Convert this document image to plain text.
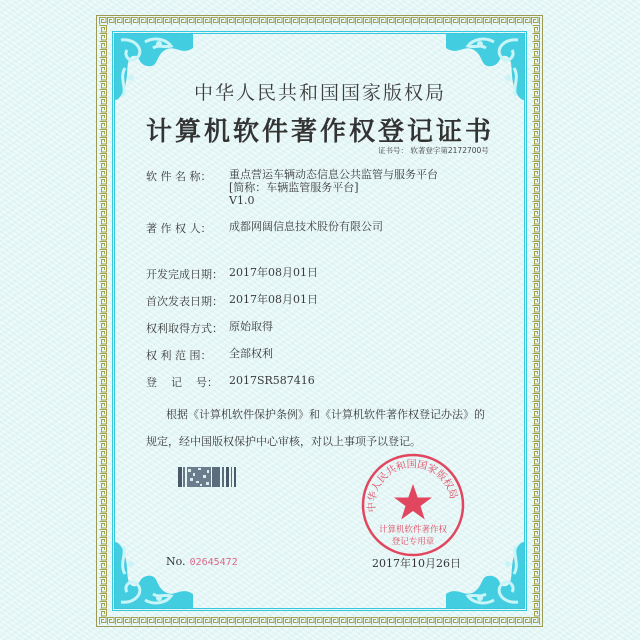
中华人民共和国国家版权局
计算机软件著作权登记证书
证书号： 软著登字第2172700号
软 件 名 称： 重点营运车辆动态信息公共监管与服务平台
[简称：车辆监管服务平台]
V1.0
著 作 权 人： 成都网阔信息技术股份有限公司
开发完成日期： 2017年08月01日
首次发表日期： 2017年08月01日
权利取得方式： 原始取得
权 利 范 围： 全部权利
登    记    号： 2017SR587416
根据《计算机软件保护条例》和《计算机软件著作权登记办法》的
规定，经中国版权保护中心审核，对以上事项予以登记。
中华人民共和国国家版权局
计算机软件著作权
登记专用章
No. 02645472	2017年10月26日
